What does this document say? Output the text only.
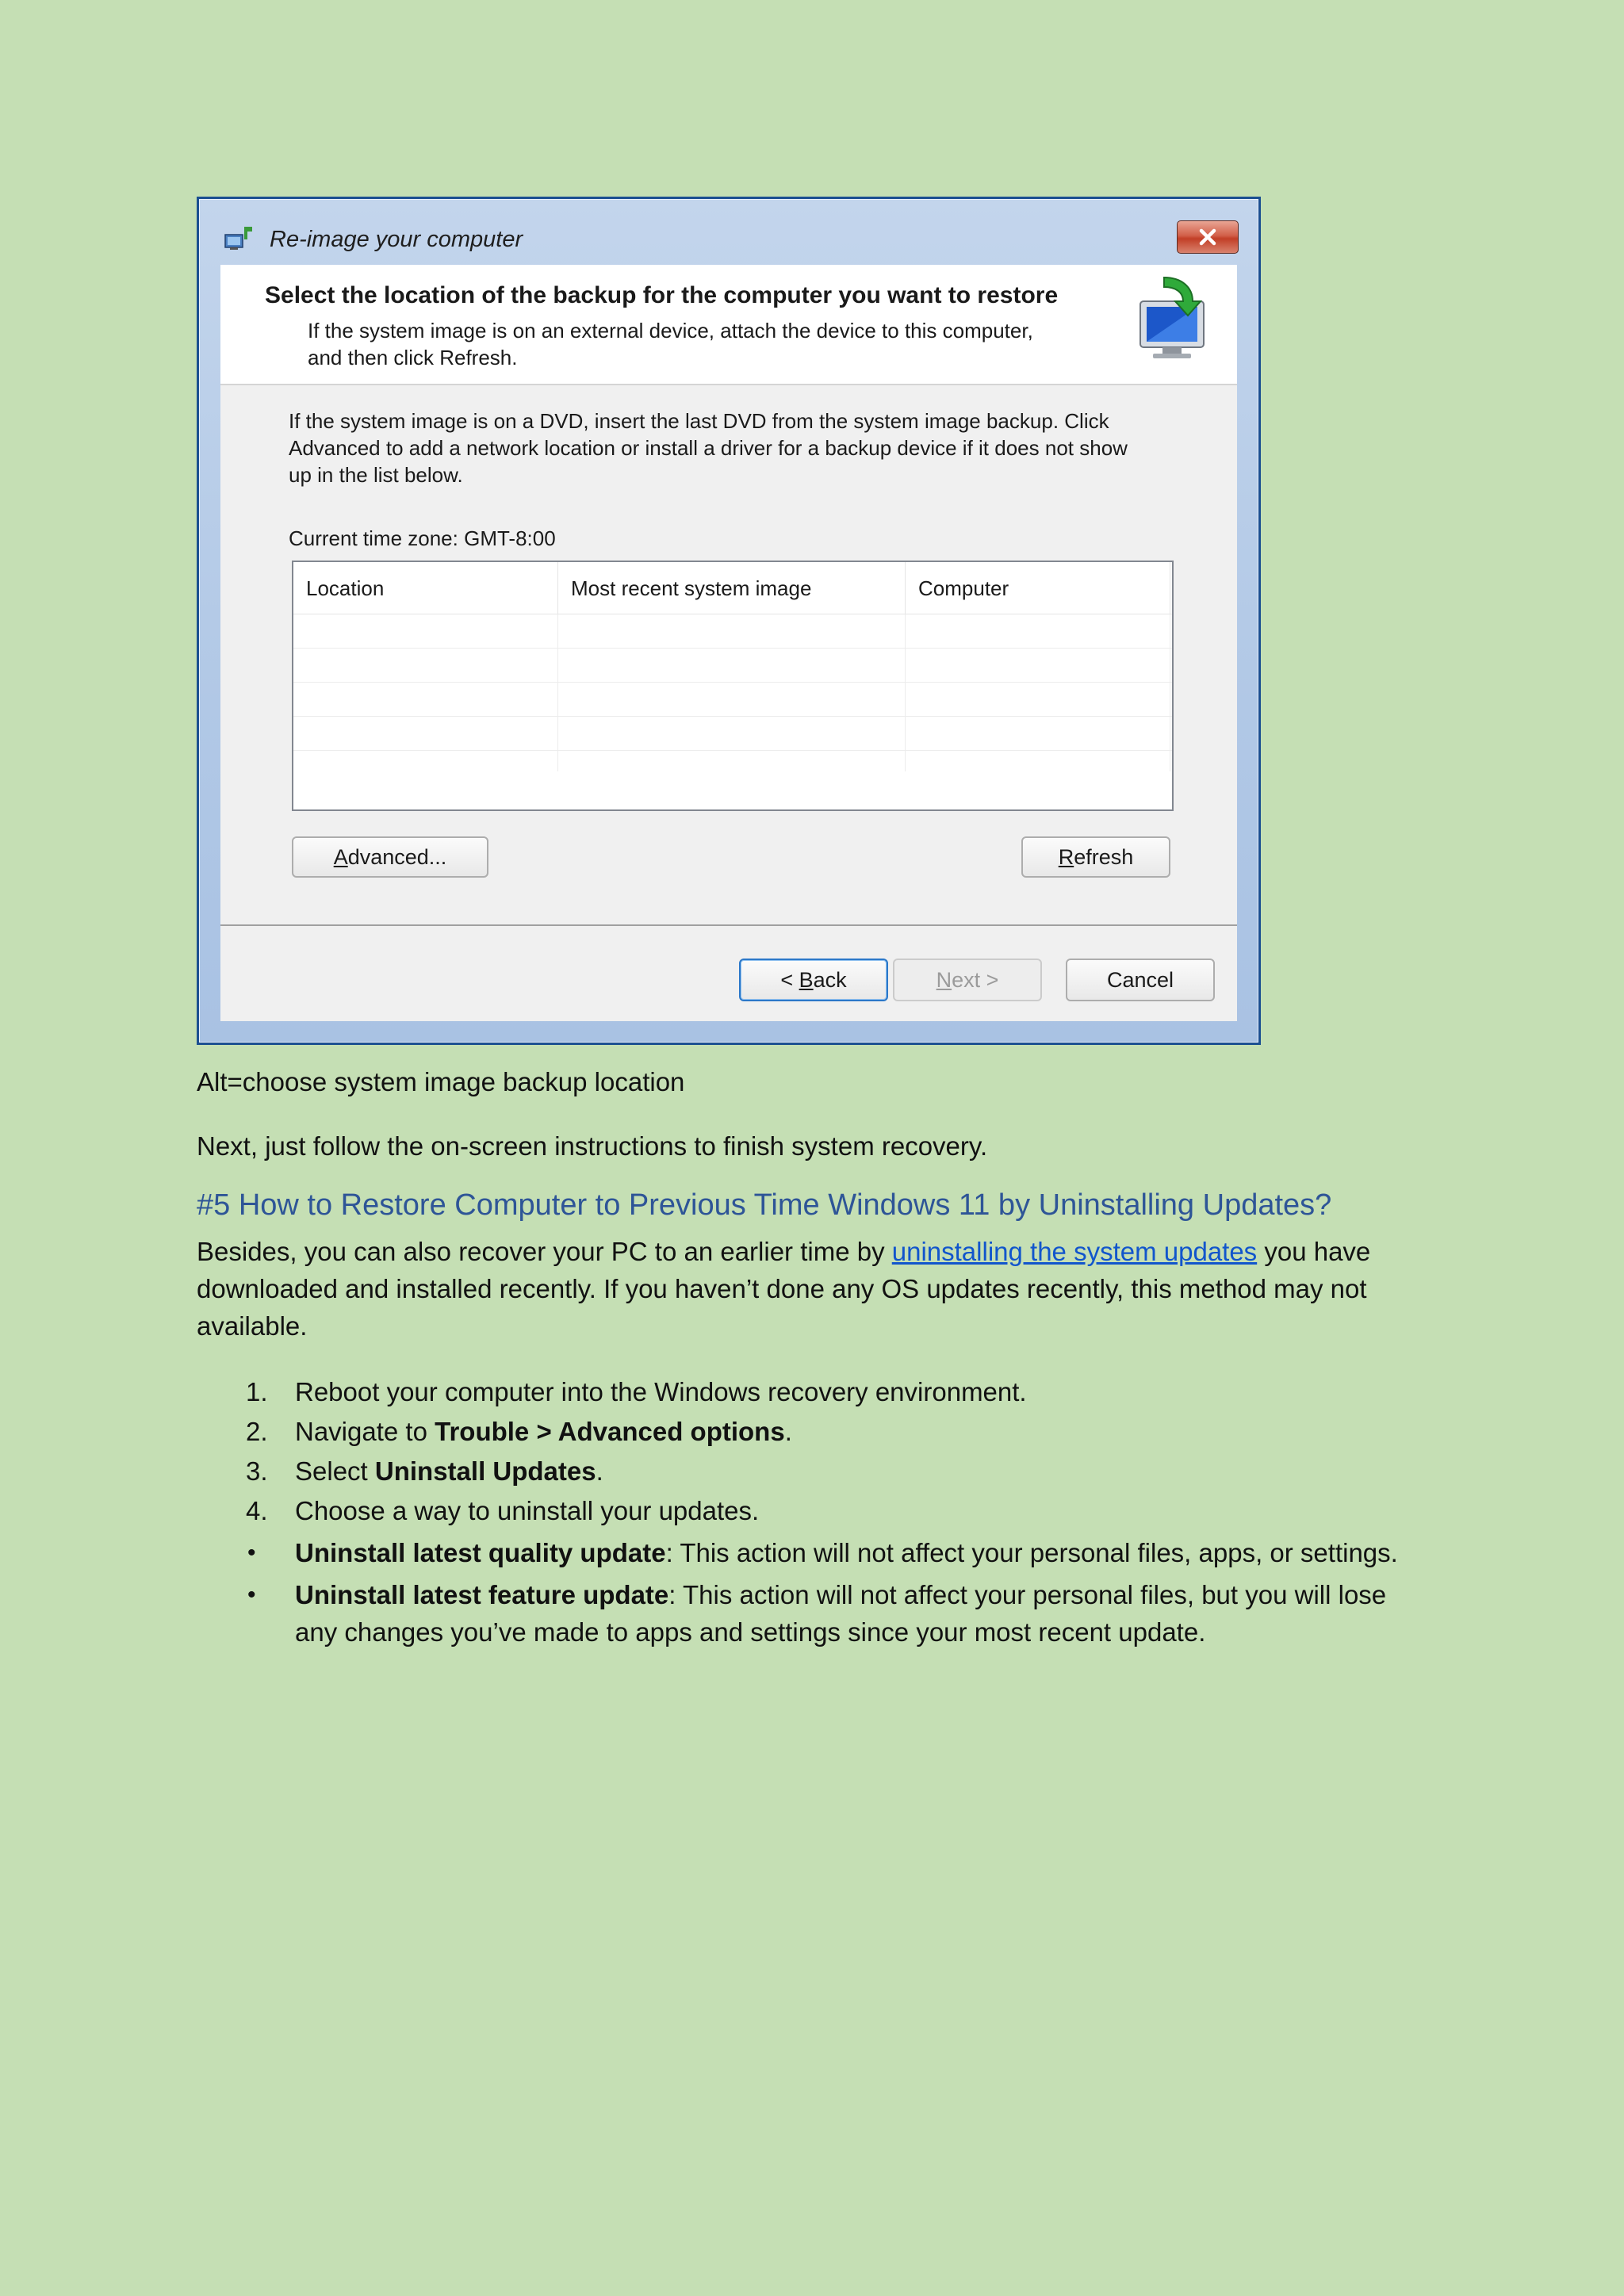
Re-image your computer
Select the location of the backup for the computer you want to restore
If the system image is on an external device, attach the device to this computer,
and then click Refresh.
If the system image is on a DVD, insert the last DVD from the system image backup. Click
Advanced to add a network location or install a driver for a backup device if it does not show
up in the list below.
Current time zone: GMT-8:00
Location	Most recent system image	Computer
A dvanced...	R efresh
< B ack	N ext >	Cancel

Alt=choose system image backup location

Next, just follow the on-screen instructions to finish system recovery.

#5 How to Restore Computer to Previous Time Windows 11 by Uninstalling Updates?

Besides, you can also recover your PC to an earlier time by uninstalling the system updates you have downloaded and installed recently. If you haven’t done any OS updates recently, this method may not available.

1. Reboot your computer into the Windows recovery environment.
2. Navigate to Trouble > Advanced options.
3. Select Uninstall Updates.
4. Choose a way to uninstall your updates.
• Uninstall latest quality update: This action will not affect your personal files, apps, or settings.
• Uninstall latest feature update: This action will not affect your personal files, but you will lose any changes you’ve made to apps and settings since your most recent update.
